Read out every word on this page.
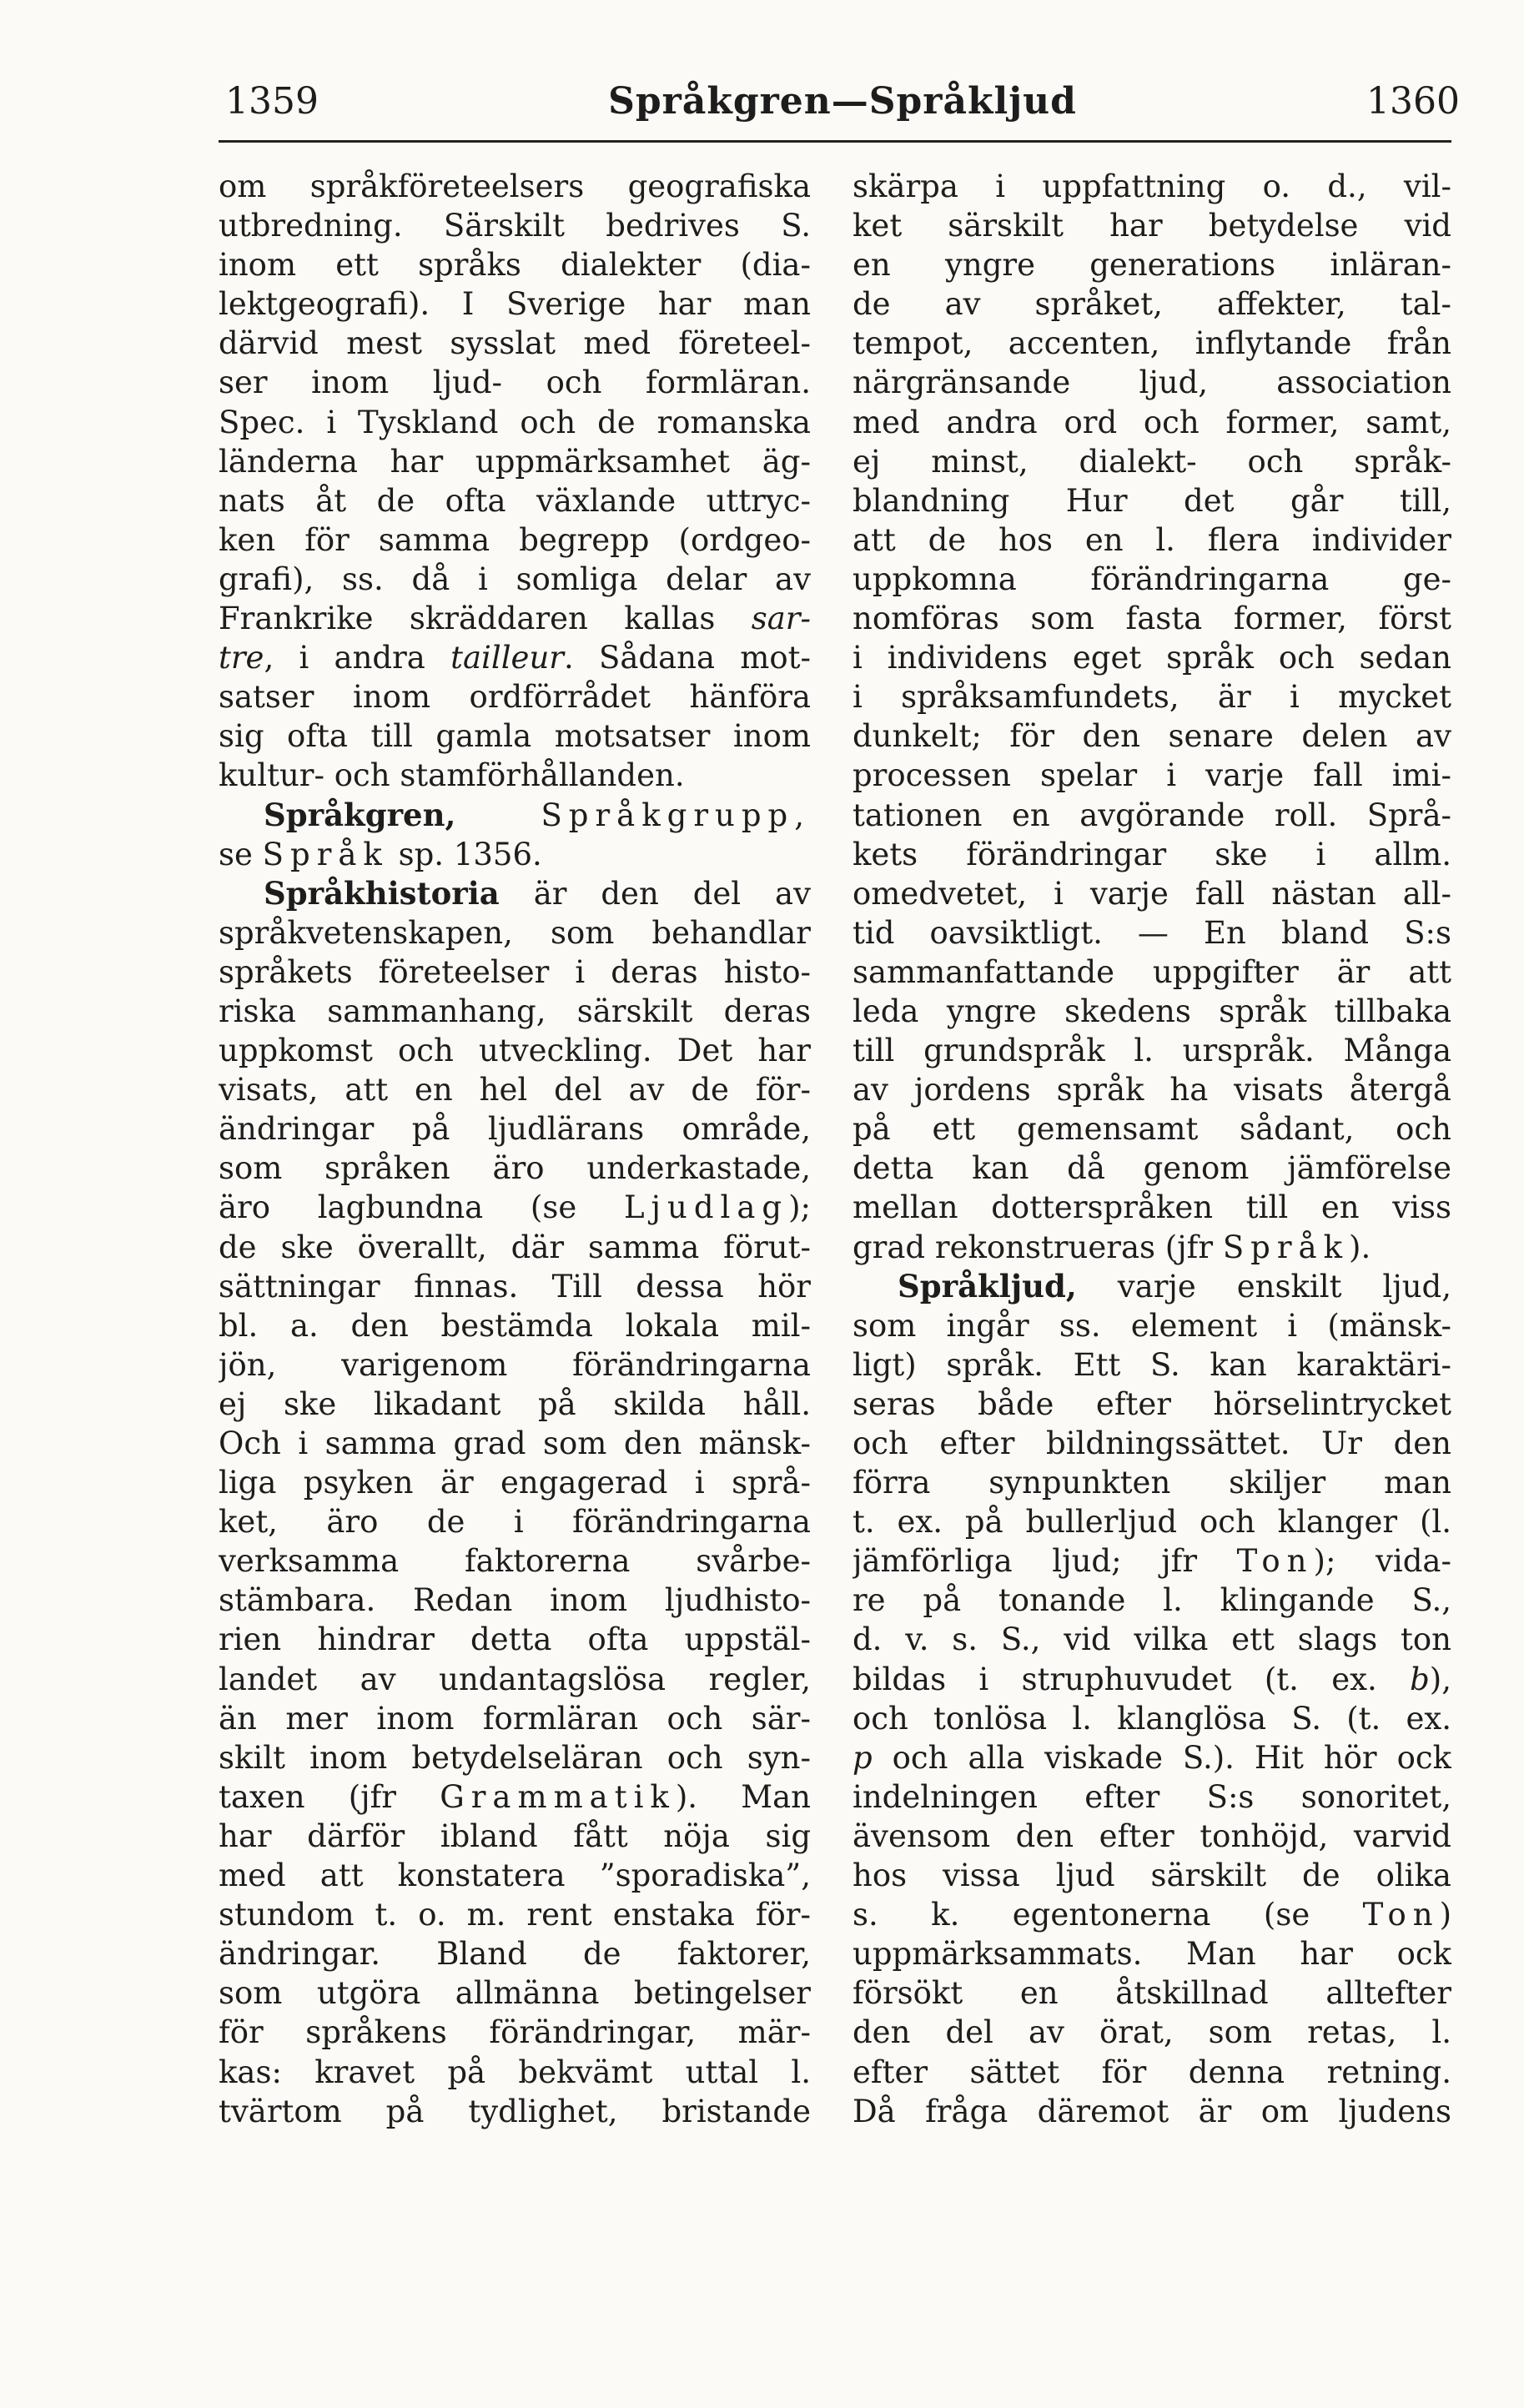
1359	Språkgren—Språkljud	1360
om språkföreteelsers geografiska
utbredning. Särskilt bedrives S.
inom ett språks dialekter (dia-
lektgeografi). I Sverige har man
därvid mest sysslat med företeel-
ser inom ljud- och formläran.
Spec. i Tyskland och de romanska
länderna har uppmärksamhet äg-
nats åt de ofta växlande uttryc-
ken för samma begrepp (ordgeo-
grafi), ss. då i somliga delar av
Frankrike skräddaren kallas sar-
tre, i andra tailleur. Sådana mot-
satser inom ordförrådet hänföra
sig ofta till gamla motsatser inom
kultur- och stamförhållanden.
Språkgren,	Språkgrupp,
se Språk sp. 1356.
Språkhistoria är den del av
språkvetenskapen, som behandlar
språkets företeelser i deras histo-
riska sammanhang, särskilt deras
uppkomst och utveckling. Det har
visats, att en hel del av de för-
ändringar på ljudlärans område,
som språken äro underkastade,
äro lagbundna (se Ljudlag);
de ske överallt, där samma förut-
sättningar finnas. Till dessa hör
bl. a. den bestämda lokala mil-
jön, varigenom förändringarna
ej ske likadant på skilda håll.
Och i samma grad som den mänsk-
liga psyken är engagerad i språ-
ket, äro de i förändringarna
verksamma faktorerna svårbe-
stämbara. Redan inom ljudhisto-
rien hindrar detta ofta uppstäl-
landet av undantagslösa regler,
än mer inom formläran och sär-
skilt inom betydelseläran och syn-
taxen (jfr Grammatik). Man
har därför ibland fått nöja sig
med att konstatera ”sporadiska”,
stundom t. o. m. rent enstaka för-
ändringar. Bland de faktorer,
som utgöra allmänna betingelser
för språkens förändringar, mär-
kas: kravet på bekvämt uttal l.
tvärtom på tydlighet, bristande
skärpa i uppfattning o. d., vil-
ket särskilt har betydelse vid
en yngre generations inläran-
de av språket, affekter, tal-
tempot, accenten, inflytande från
närgränsande ljud, association
med andra ord och former, samt,
ej minst, dialekt- och språk-
blandning Hur det går till,
att de hos en l. flera individer
uppkomna förändringarna ge-
nomföras som fasta former, först
i individens eget språk och sedan
i språksamfundets, är i mycket
dunkelt; för den senare delen av
processen spelar i varje fall imi-
tationen en avgörande roll. Språ-
kets förändringar ske i allm.
omedvetet, i varje fall nästan all-
tid oavsiktligt. — En bland S:s
sammanfattande uppgifter är att
leda yngre skedens språk tillbaka
till grundspråk l. urspråk. Många
av jordens språk ha visats återgå
på ett gemensamt sådant, och
detta kan då genom jämförelse
mellan dotterspråken till en viss
grad rekonstrueras (jfr Språk).
Språkljud, varje enskilt ljud,
som ingår ss. element i (mänsk-
ligt) språk. Ett S. kan karaktäri-
seras både efter hörselintrycket
och efter bildningssättet. Ur den
förra synpunkten skiljer man
t. ex. på bullerljud och klanger (l.
jämförliga ljud; jfr Ton); vida-
re på tonande l. klingande S.,
d. v. s. S., vid vilka ett slags ton
bildas i struphuvudet (t. ex. b),
och tonlösa l. klanglösa S. (t. ex.
p och alla viskade S.). Hit hör ock
indelningen efter S:s sonoritet,
ävensom den efter tonhöjd, varvid
hos vissa ljud särskilt de olika
s. k. egentonerna (se Ton)
uppmärksammats. Man har ock
försökt en åtskillnad alltefter
den del av örat, som retas, l.
efter sättet för denna retning.
Då fråga däremot är om ljudens
